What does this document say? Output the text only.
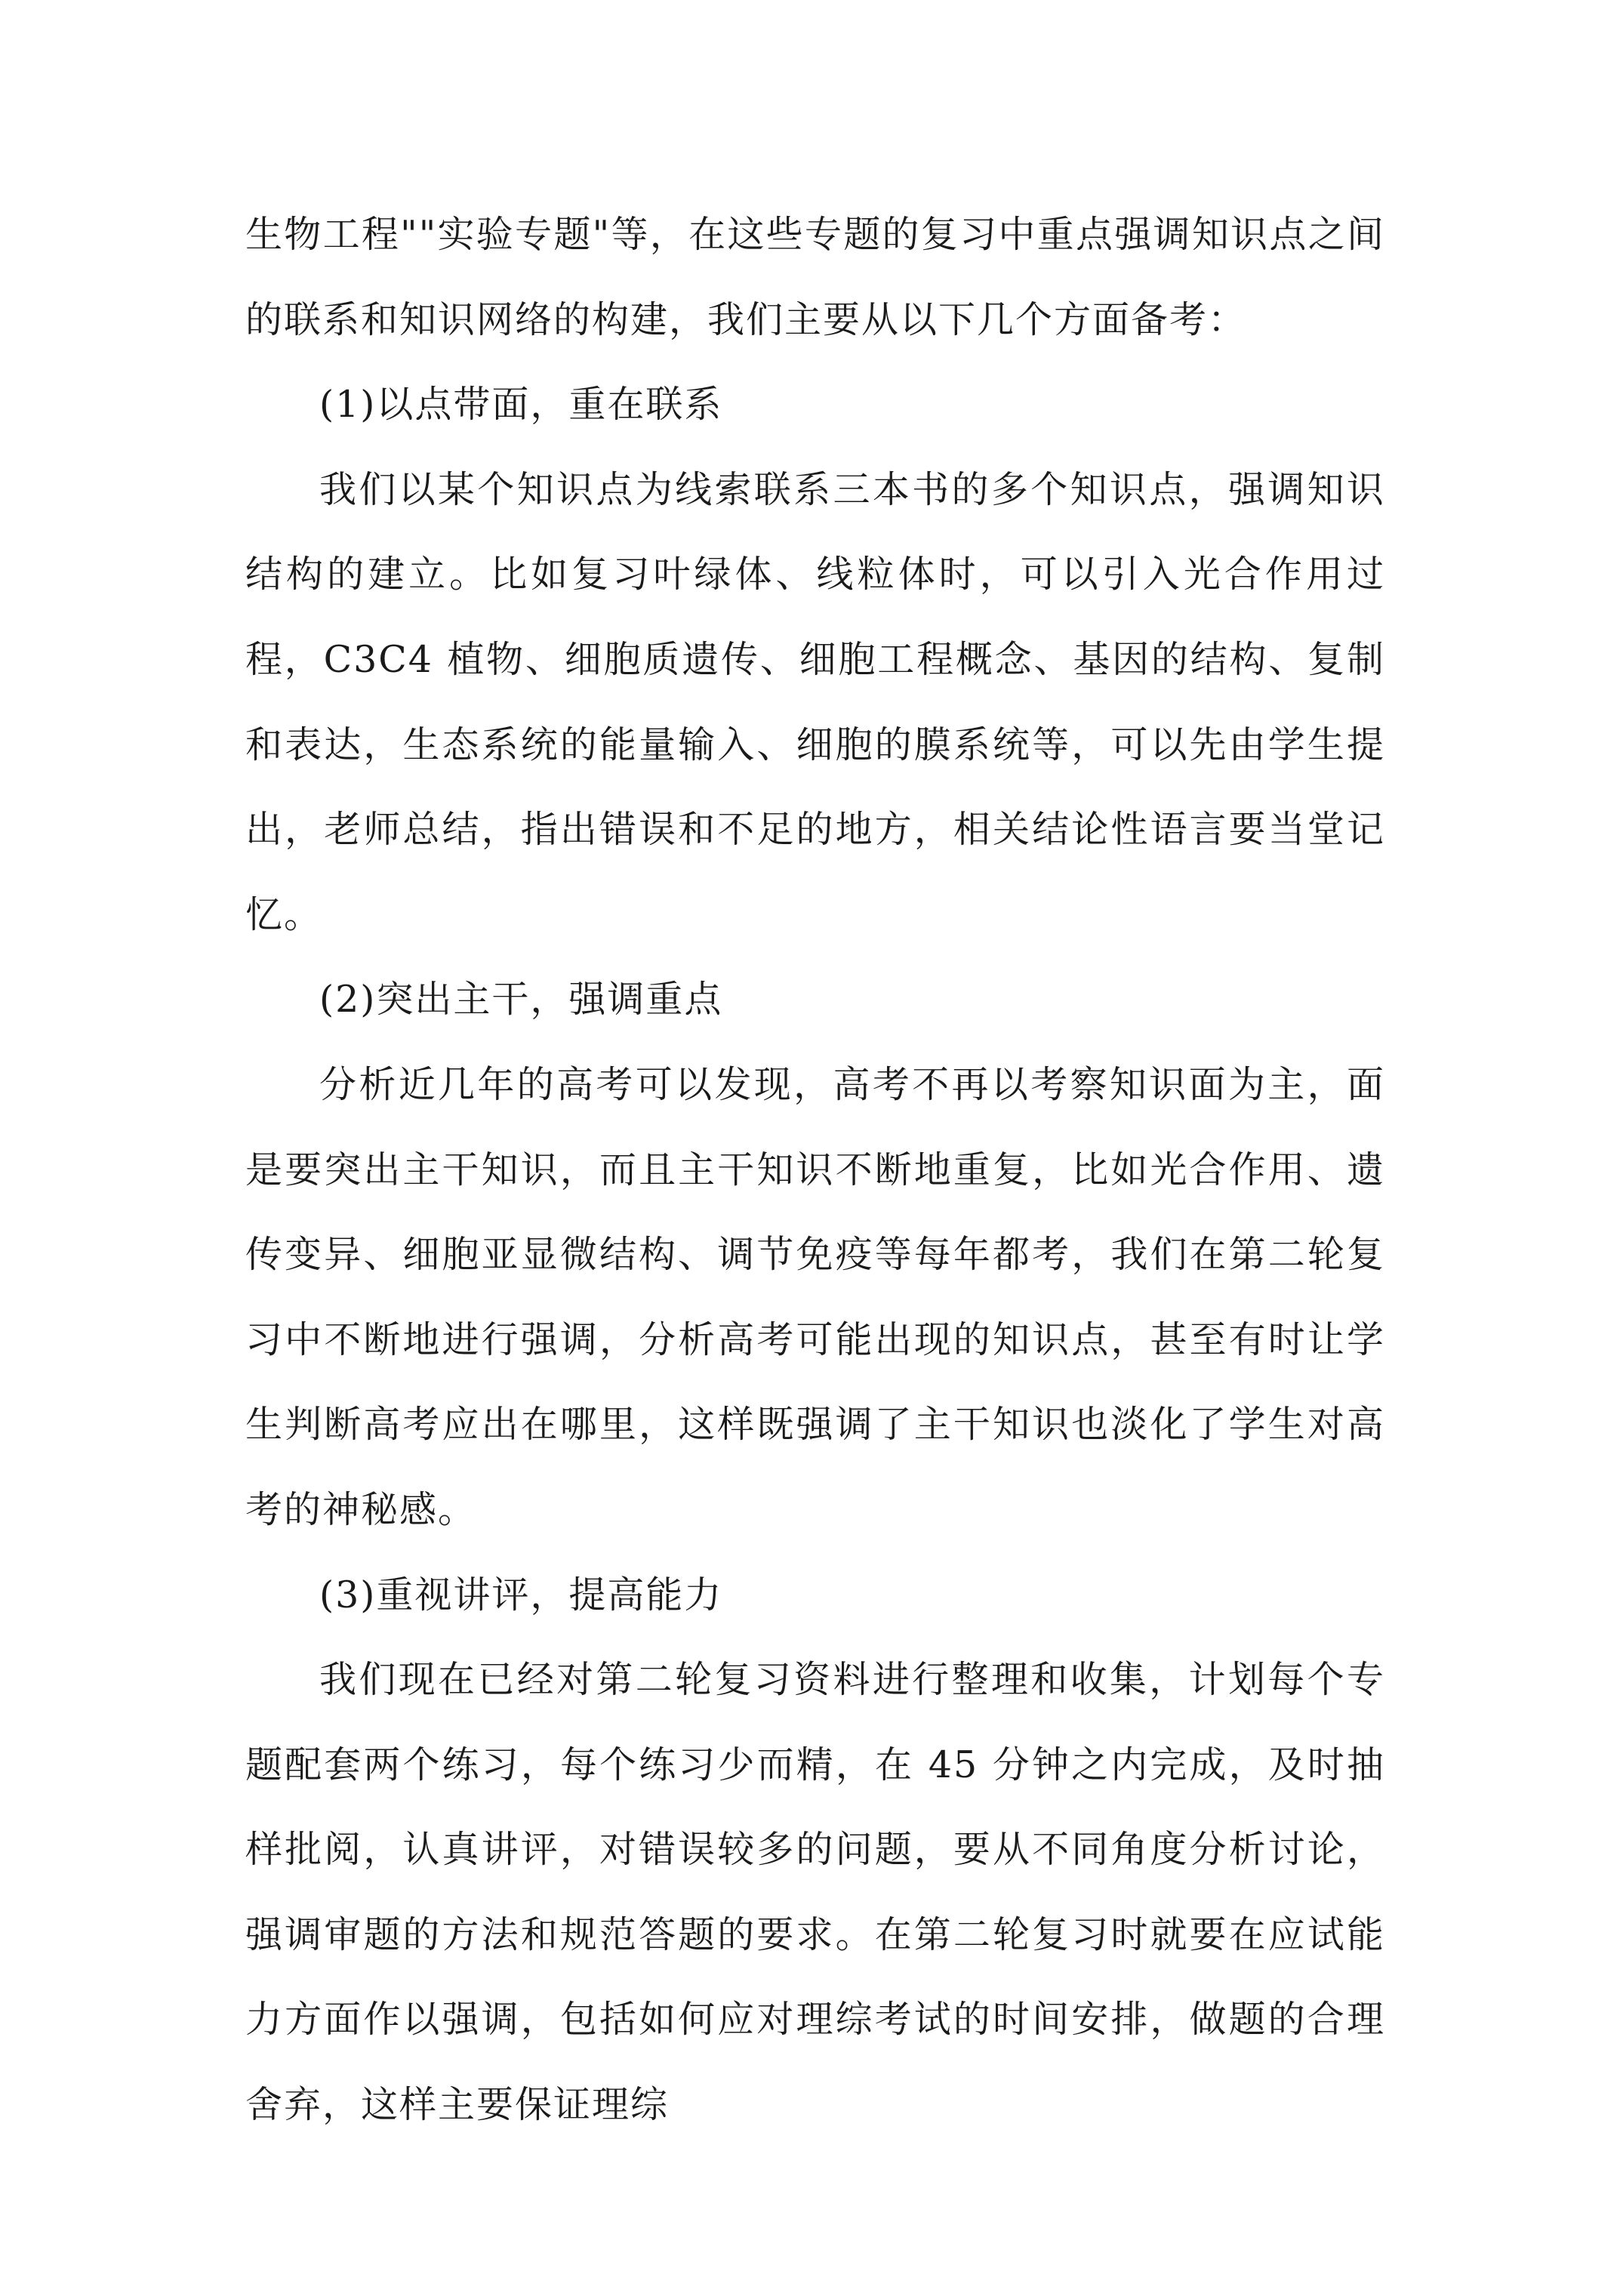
生物工程""实验专题"等，在这些专题的复习中重点强调知识点之间的联系和知识网络的构建，我们主要从以下几个方面备考：

(1)以点带面，重在联系

我们以某个知识点为线索联系三本书的多个知识点，强调知识结构的建立。比如复习叶绿体、线粒体时，可以引入光合作用过程，C3C4 植物、细胞质遗传、细胞工程概念、基因的结构、复制和表达，生态系统的能量输入、细胞的膜系统等，可以先由学生提出，老师总结，指出错误和不足的地方，相关结论性语言要当堂记忆。

(2)突出主干，强调重点

分析近几年的高考可以发现，高考不再以考察知识面为主，面是要突出主干知识，而且主干知识不断地重复，比如光合作用、遗传变异、细胞亚显微结构、调节免疫等每年都考，我们在第二轮复习中不断地进行强调，分析高考可能出现的知识点，甚至有时让学生判断高考应出在哪里，这样既强调了主干知识也淡化了学生对高考的神秘感。

(3)重视讲评，提高能力

我们现在已经对第二轮复习资料进行整理和收集，计划每个专题配套两个练习，每个练习少而精，在 45 分钟之内完成，及时抽样批阅，认真讲评，对错误较多的问题，要从不同角度分析讨论，强调审题的方法和规范答题的要求。在第二轮复习时就要在应试能力方面作以强调，包括如何应对理综考试的时间安排，做题的合理舍弃，这样主要保证理综
